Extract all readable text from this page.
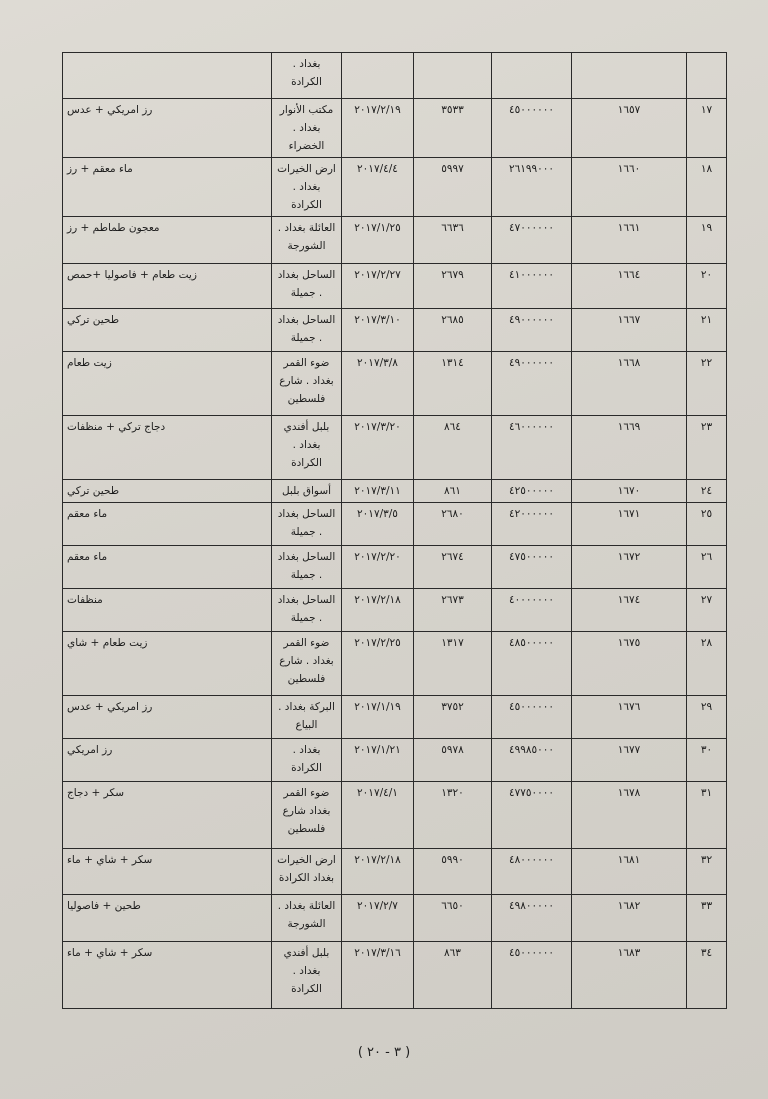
					بغداد .
الكرادة	

١٧	١٦٥٧	٤٥٠٠٠٠٠٠	٣٥٣٣	٢٠١٧/٢/١٩	مكتب الأنوار
بغداد .
الخضراء	رز امريكي + عدس

١٨	١٦٦٠	٢٦١٩٩٠٠٠	٥٩٩٧	٢٠١٧/٤/٤	ارض الخيرات
بغداد .
الكرادة	ماء معقم + رز

١٩	١٦٦١	٤٧٠٠٠٠٠٠	٦٦٣٦	٢٠١٧/١/٢٥	العائلة بغداد .
الشورجة	معجون طماطم + رز

٢٠	١٦٦٤	٤١٠٠٠٠٠٠	٢٦٧٩	٢٠١٧/٢/٢٧	الساحل بغداد
. جميلة	زيت طعام + فاصوليا +حمص

٢١	١٦٦٧	٤٩٠٠٠٠٠٠	٢٦٨٥	٢٠١٧/٣/١٠	الساحل بغداد
. جميلة	طحين تركي

٢٢	١٦٦٨	٤٩٠٠٠٠٠٠	١٣١٤	٢٠١٧/٣/٨	ضوء القمر
بغداد . شارع
فلسطين	زيت طعام

٢٣	١٦٦٩	٤٦٠٠٠٠٠٠	٨٦٤	٢٠١٧/٣/٢٠	بلبل أفندي
بغداد .
الكرادة	دجاج تركي + منظفات

٢٤	١٦٧٠	٤٢٥٠٠٠٠٠	٨٦١	٢٠١٧/٣/١١	أسواق بلبل	طحين تركي

٢٥	١٦٧١	٤٢٠٠٠٠٠٠	٢٦٨٠	٢٠١٧/٣/٥	الساحل بغداد
. جميلة	ماء معقم

٢٦	١٦٧٢	٤٧٥٠٠٠٠٠	٢٦٧٤	٢٠١٧/٢/٢٠	الساحل بغداد
. جميلة	ماء معقم

٢٧	١٦٧٤	٤٠٠٠٠٠٠٠	٢٦٧٣	٢٠١٧/٢/١٨	الساحل بغداد
. جميلة	منظفات

٢٨	١٦٧٥	٤٨٥٠٠٠٠٠	١٣١٧	٢٠١٧/٢/٢٥	ضوء القمر
بغداد . شارع
فلسطين	زيت طعام + شاي

٢٩	١٦٧٦	٤٥٠٠٠٠٠٠	٣٧٥٢	٢٠١٧/١/١٩	البركة بغداد .
البياع	رز امريكي + عدس

٣٠	١٦٧٧	٤٩٩٨٥٠٠٠	٥٩٧٨	٢٠١٧/١/٢١	بغداد .
الكرادة	رز امريكي

٣١	١٦٧٨	٤٧٧٥٠٠٠٠	١٣٢٠	٢٠١٧/٤/١	ضوء القمر
بغداد شارع
فلسطين	سكر + دجاج

٣٢	١٦٨١	٤٨٠٠٠٠٠٠	٥٩٩٠	٢٠١٧/٢/١٨	ارض الخيرات
بغداد الكرادة	سكر + شاي + ماء

٣٣	١٦٨٢	٤٩٨٠٠٠٠٠	٦٦٥٠	٢٠١٧/٢/٧	العائلة بغداد .
الشورجة	طحين + فاصوليا

٣٤	١٦٨٣	٤٥٠٠٠٠٠٠	٨٦٣	٢٠١٧/٣/١٦	بلبل أفندي
بغداد .
الكرادة	سكر + شاي + ماء
( ٣ - ٢٠ )
